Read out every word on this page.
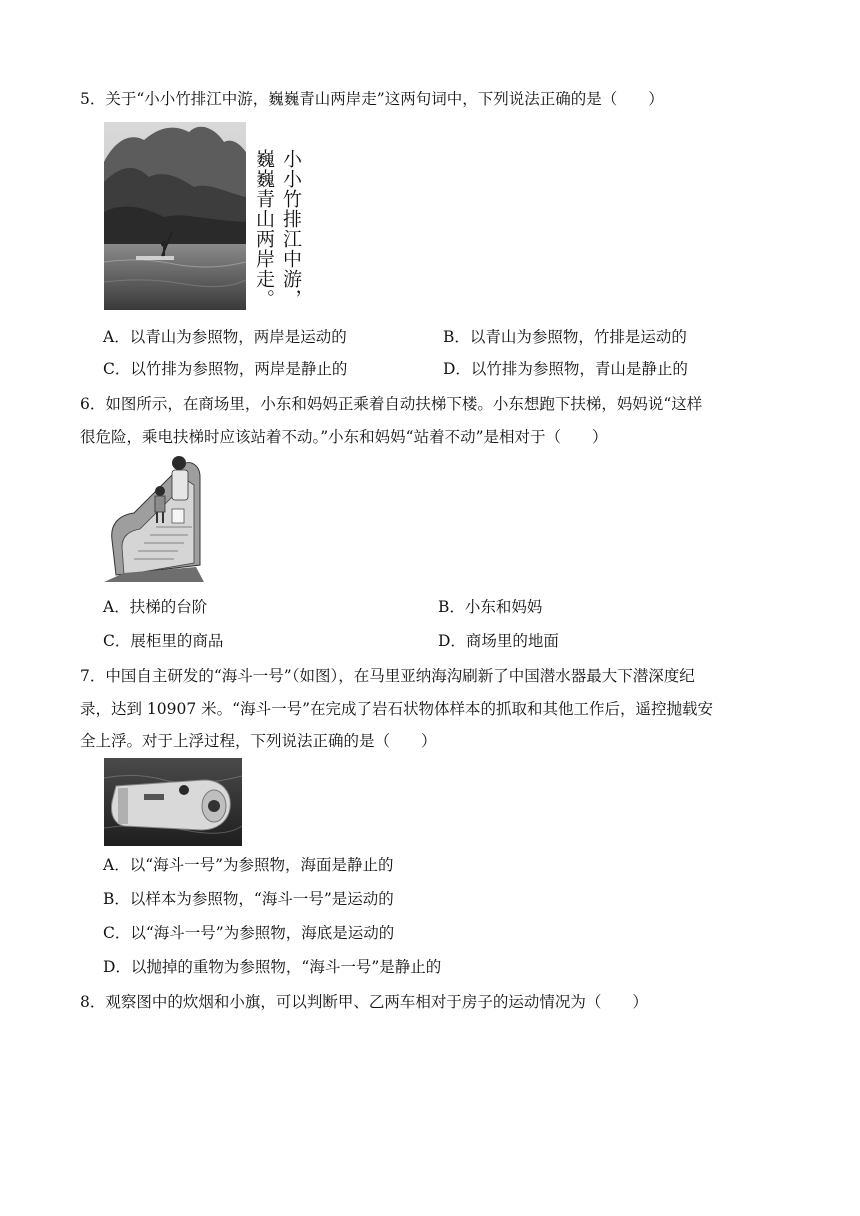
5．关于“小小竹排江中游，巍巍青山两岸走”这两句词中，下列说法正确的是（　　）
小小竹排江中游，
巍巍青山两岸走。
A．以青山为参照物，两岸是运动的	B．以青山为参照物，竹排是运动的
C．以竹排为参照物，两岸是静止的	D．以竹排为参照物，青山是静止的
6．如图所示，在商场里，小东和妈妈正乘着自动扶梯下楼。小东想跑下扶梯，妈妈说“这样
很危险，乘电扶梯时应该站着不动。”小东和妈妈“站着不动”是相对于（　　）
A．扶梯的台阶	B．小东和妈妈
C．展柜里的商品	D．商场里的地面
7．中国自主研发的“海斗一号”（如图），在马里亚纳海沟刷新了中国潜水器最大下潜深度纪
录，达到 10907 米。“海斗一号”在完成了岩石状物体样本的抓取和其他工作后，遥控抛载安
全上浮。对于上浮过程，下列说法正确的是（　　）
A．以“海斗一号”为参照物，海面是静止的
B．以样本为参照物，“海斗一号”是运动的
C．以“海斗一号”为参照物，海底是运动的
D．以抛掉的重物为参照物，“海斗一号”是静止的
8．观察图中的炊烟和小旗，可以判断甲、乙两车相对于房子的运动情况为（　　）
